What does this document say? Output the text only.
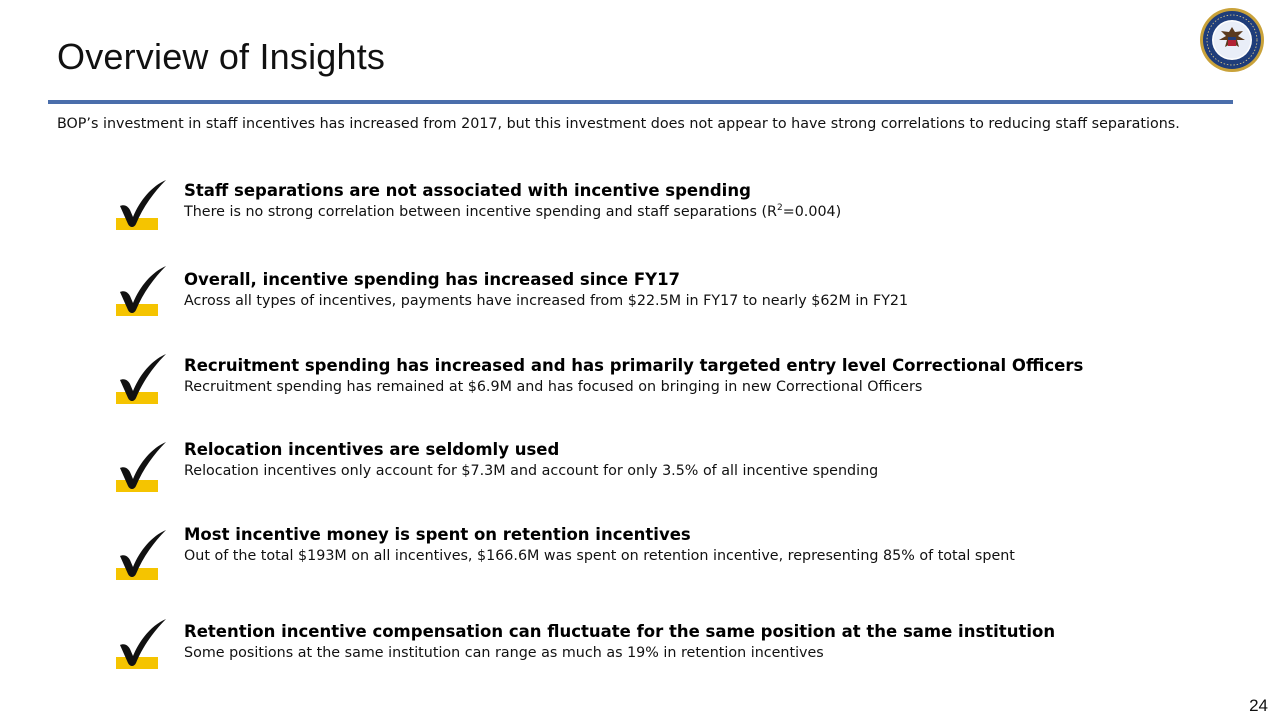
Overview of Insights
BOP’s investment in staff incentives has increased from 2017, but this investment does not appear to have strong correlations to reducing staff separations.
Staff separations are not associated with incentive spending
There is no strong correlation between incentive spending and staff separations $(R^2=0.004)$
Overall, incentive spending has increased since FY17
Across all types of incentives, payments have increased from $22.5M in FY17 to nearly $62M in FY21
Recruitment spending has increased and has primarily targeted entry level Correctional Officers
Recruitment spending has remained at $6.9M and has focused on bringing in new Correctional Officers
Relocation incentives are seldomly used
Relocation incentives only account for $7.3M and account for only 3.5% of all incentive spending
Most incentive money is spent on retention incentives
Out of the total $193M on all incentives, $166.6M was spent on retention incentive, representing 85% of total spent
Retention incentive compensation can fluctuate for the same position at the same institution
Some positions at the same institution can range as much as 19% in retention incentives
24
